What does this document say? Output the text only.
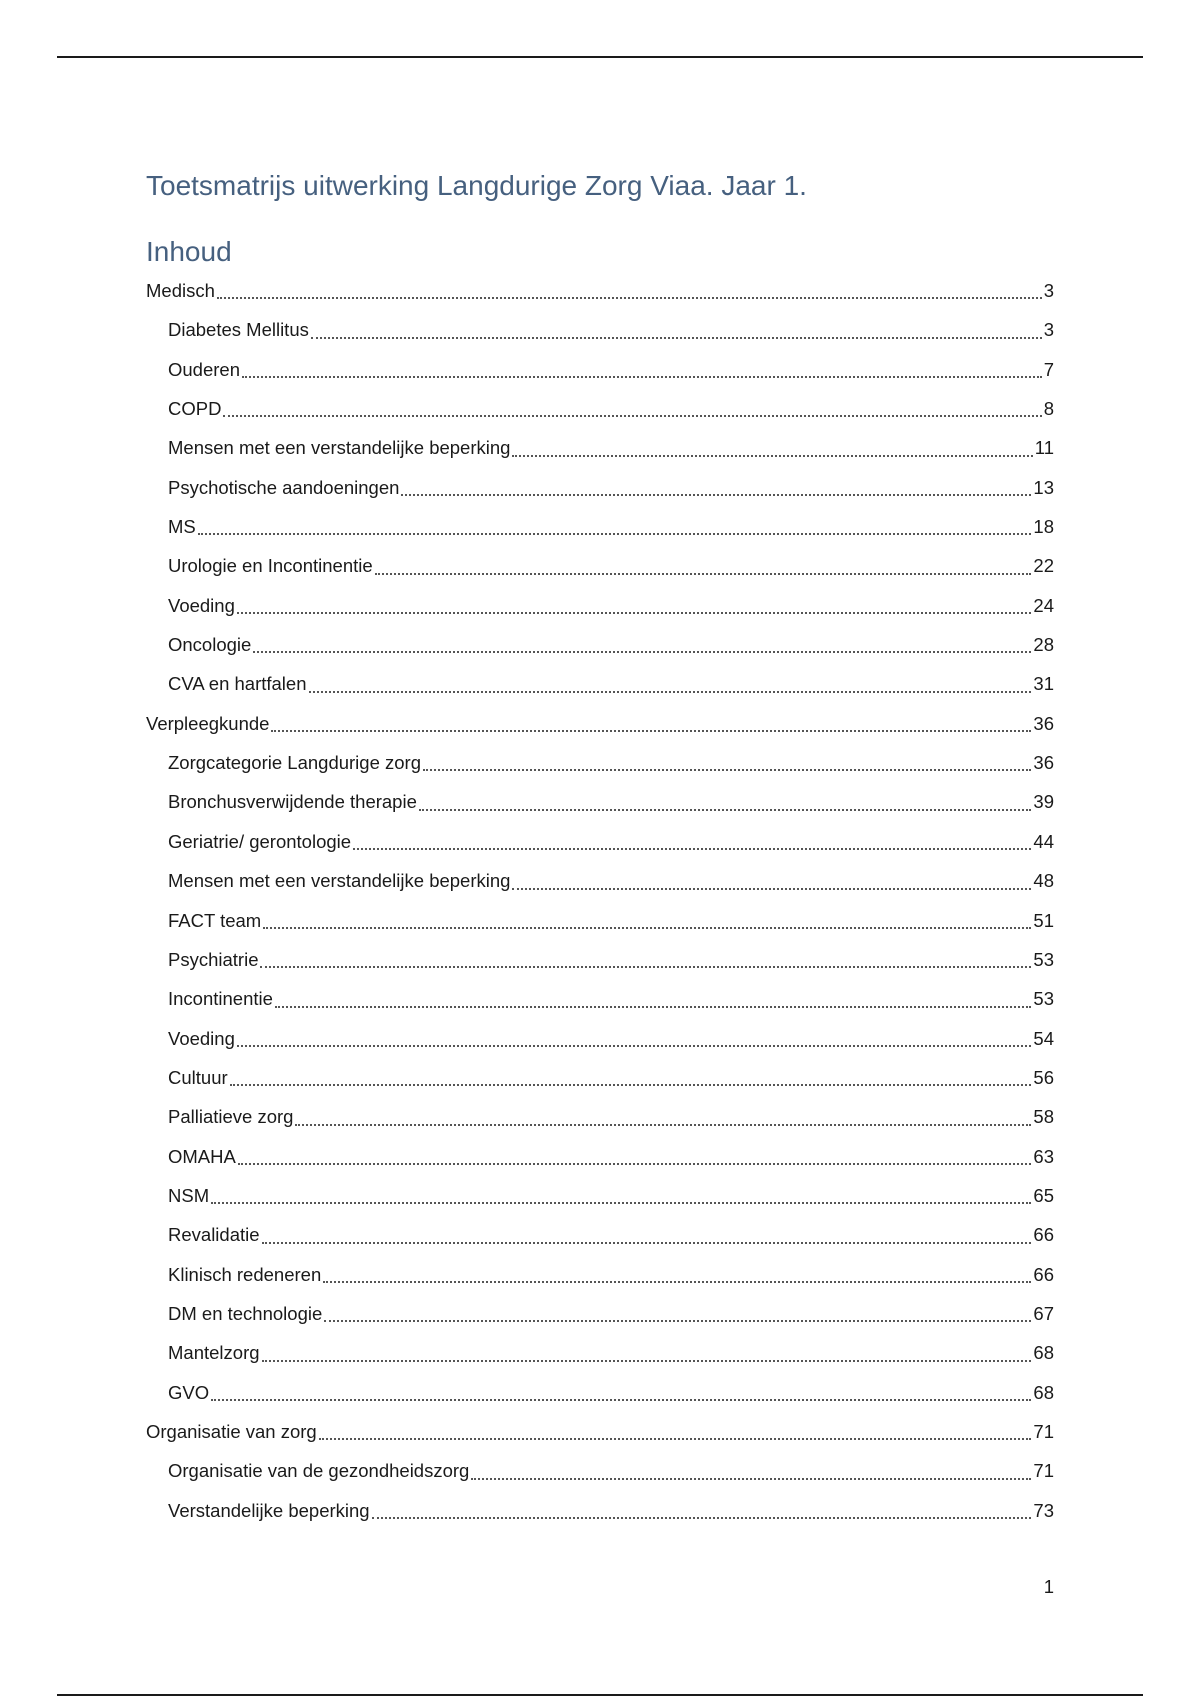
Toetsmatrijs uitwerking Langdurige Zorg Viaa. Jaar 1.
Inhoud
Medisch	3
Diabetes Mellitus	3
Ouderen	7
COPD	8
Mensen met een verstandelijke beperking	11
Psychotische aandoeningen	13
MS	18
Urologie en Incontinentie	22
Voeding	24
Oncologie	28
CVA en hartfalen	31
Verpleegkunde	36
Zorgcategorie Langdurige zorg	36
Bronchusverwijdende therapie	39
Geriatrie/ gerontologie	44
Mensen met een verstandelijke beperking	48
FACT team	51
Psychiatrie	53
Incontinentie	53
Voeding	54
Cultuur	56
Palliatieve zorg	58
OMAHA	63
NSM	65
Revalidatie	66
Klinisch redeneren	66
DM en technologie	67
Mantelzorg	68
GVO	68
Organisatie van zorg	71
Organisatie van de gezondheidszorg	71
Verstandelijke beperking	73
1
